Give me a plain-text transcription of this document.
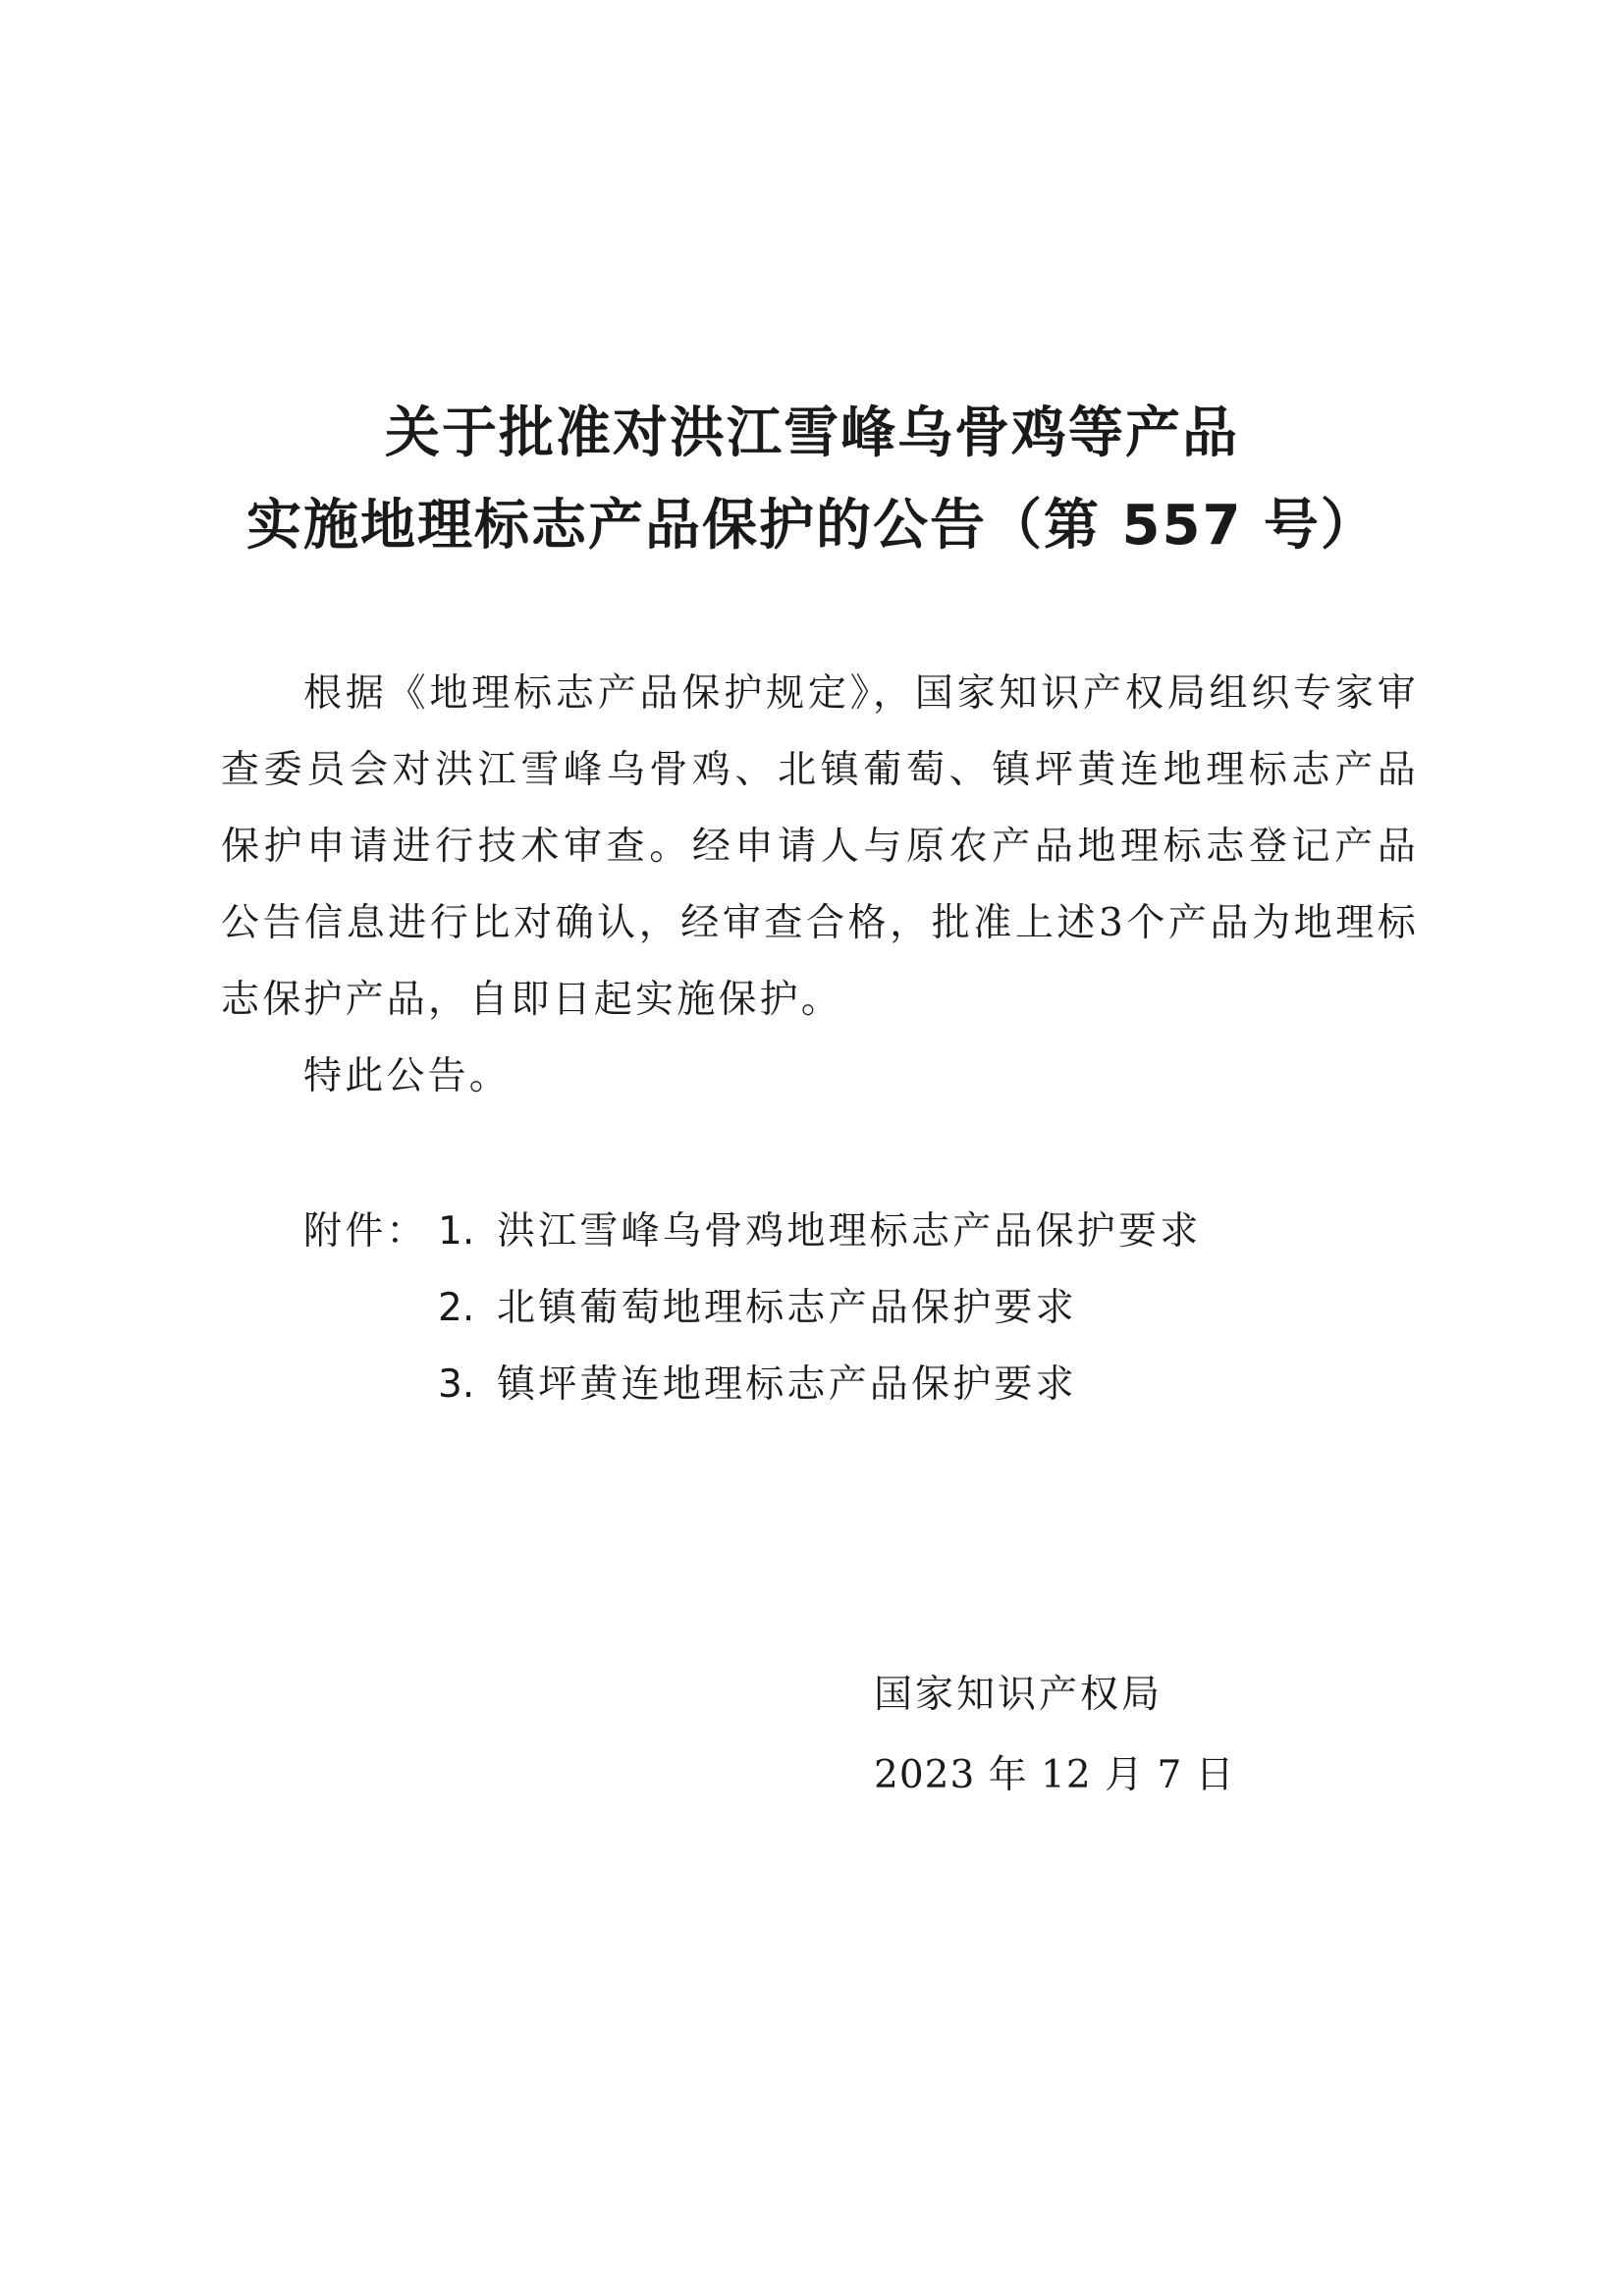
关于批准对洪江雪峰乌骨鸡等产品
实施地理标志产品保护的公告（第 557 号）

根据《地理标志产品保护规定》，国家知识产权局组织专家审查委员会对洪江雪峰乌骨鸡、北镇葡萄、镇坪黄连地理标志产品保护申请进行技术审查。经申请人与原农产品地理标志登记产品公告信息进行比对确认，经审查合格，批准上述3个产品为地理标志保护产品，自即日起实施保护。

特此公告。

附件： 1. 洪江雪峰乌骨鸡地理标志产品保护要求
2. 北镇葡萄地理标志产品保护要求
3. 镇坪黄连地理标志产品保护要求
国家知识产权局
2023 年 12 月 7 日
